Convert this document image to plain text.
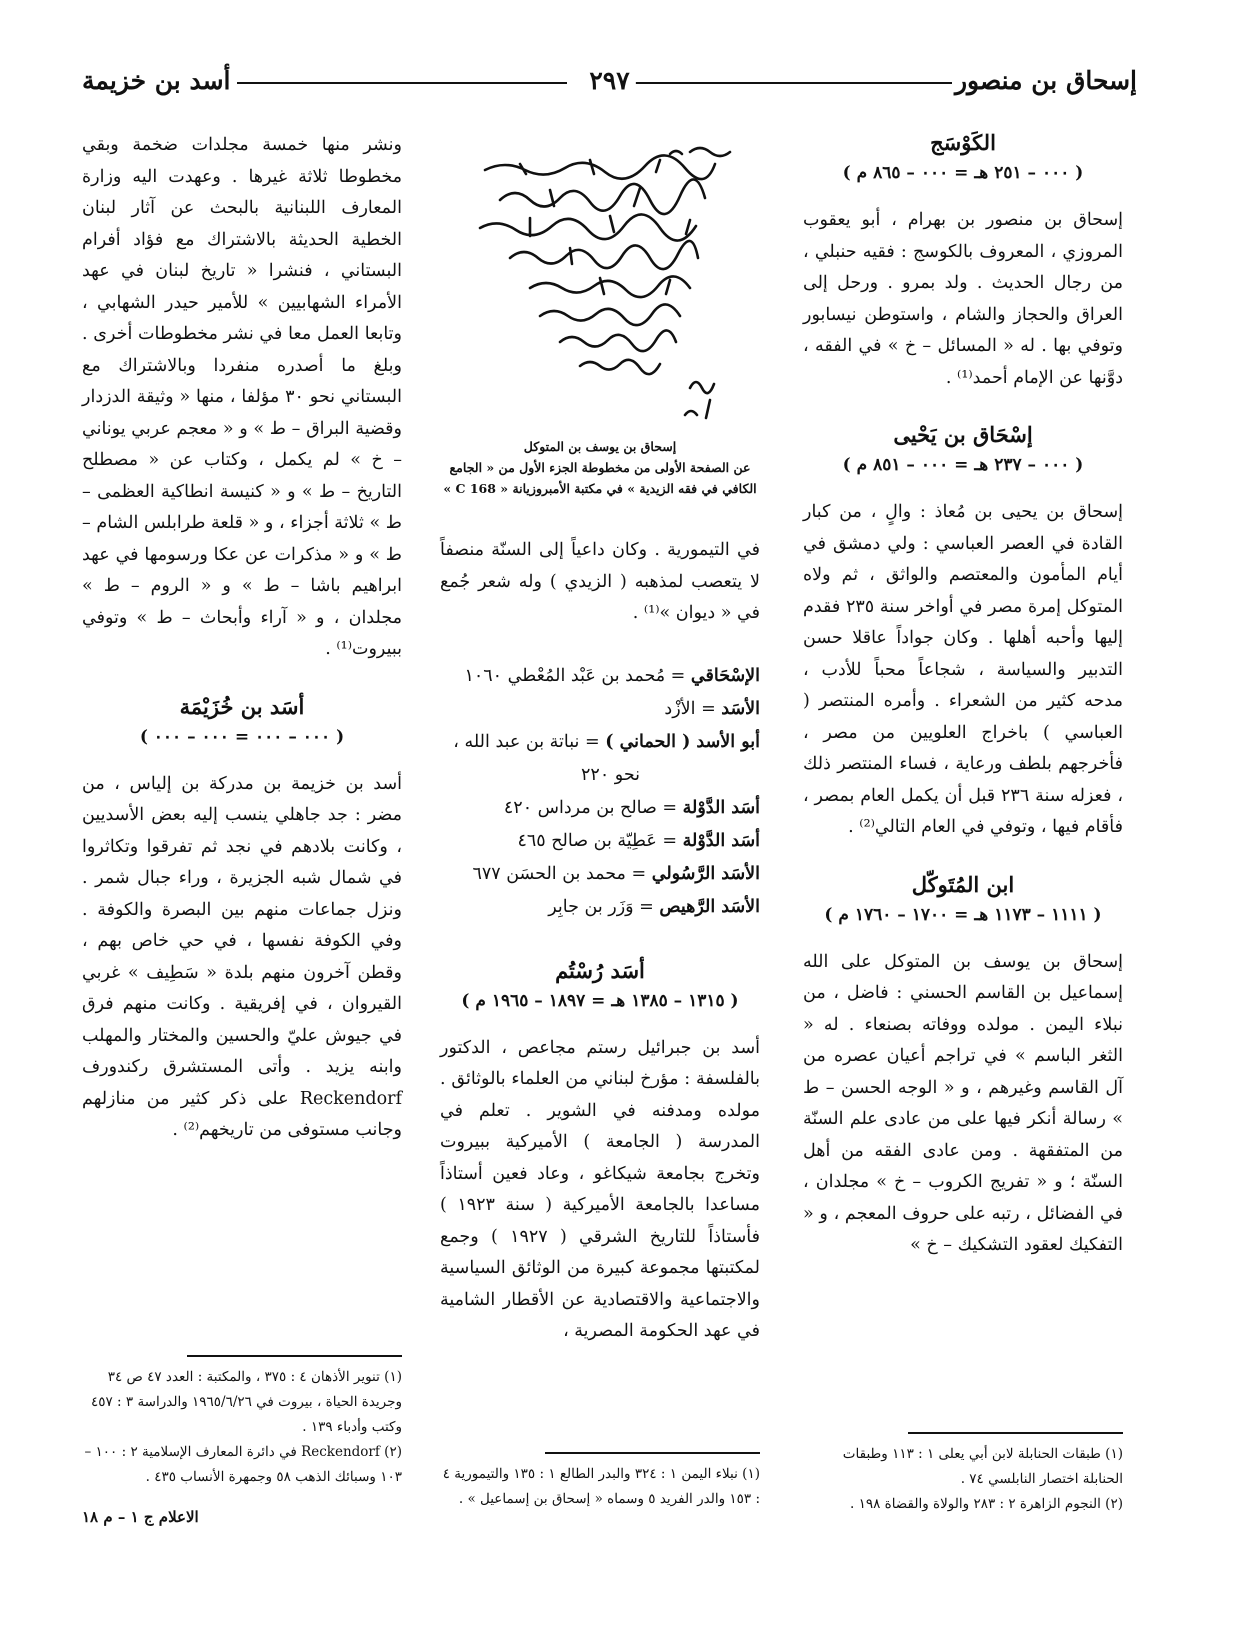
إسحاق بن منصور
٢٩٧
أسد بن خزيمة
الكَوْسَج
( ٠٠٠ – ٢٥١ هـ = ٠٠٠ – ٨٦٥ م )

إسحاق بن منصور بن بهرام ، أبو يعقوب المروزي ، المعروف بالكوسج : فقيه حنبلي ، من رجال الحديث . ولد بمرو . ورحل إلى العراق والحجاز والشام ، واستوطن نيسابور وتوفي بها . له « المسائل – خ » في الفقه ، دوَّنها عن الإمام أحمد⁽¹⁾ .

إسْحَاق بن يَحْيى
( ٠٠٠ – ٢٣٧ هـ = ٠٠٠ – ٨٥١ م )

إسحاق بن يحيى بن مُعاذ : والٍ ، من كبار القادة في العصر العباسي : ولي دمشق في أيام المأمون والمعتصم والواثق ، ثم ولاه المتوكل إمرة مصر في أواخر سنة ٢٣٥ فقدم إليها وأحبه أهلها . وكان جواداً عاقلا حسن التدبير والسياسة ، شجاعاً محباً للأدب ، مدحه كثير من الشعراء . وأمره المنتصر ( العباسي ) باخراج العلويين من مصر ، فأخرجهم بلطف ورعاية ، فساء المنتصر ذلك ، فعزله سنة ٢٣٦ قبل أن يكمل العام بمصر ، فأقام فيها ، وتوفي في العام التالي⁽²⁾ .

ابن المُتَوكّل
( ١١١١ – ١١٧٣ هـ = ١٧٠٠ – ١٧٦٠ م )

إسحاق بن يوسف بن المتوكل على الله إسماعيل بن القاسم الحسني : فاضل ، من نبلاء اليمن . مولده ووفاته بصنعاء . له « الثغر الباسم » في تراجم أعيان عصره من آل القاسم وغيرهم ، و « الوجه الحسن – ط » رسالة أنكر فيها على من عادى علم السنّة من المتفقهة . ومن عادى الفقه من أهل السنّة ؛ و « تفريج الكروب – خ » مجلدان ، في الفضائل ، رتبه على حروف المعجم ، و « التفكيك لعقود التشكيك – خ »

إسحاق بن يوسف بن المتوكل
عن الصفحة الأولى من مخطوطة الجزء الأول من « الجامع
الكافي في فقه الزيدية » في مكتبة الأمبروزيانة « C 168 »

في التيمورية . وكان داعياً إلى السنّة منصفاً لا يتعصب لمذهبه ( الزيدي ) وله شعر جُمع في « ديوان »⁽¹⁾ .

الإسْحَاقي = مُحمد بن عَبْد المُعْطي ١٠٦٠
الأسَد = الأزْد
أبو الأسد ( الحماني ) = نباتة بن عبد الله ،
نحو ٢٢٠
أسَد الدَّوْلة = صالح بن مرداس ٤٢٠
أسَد الدَّوْلة = عَطِيّة بن صالح ٤٦٥
الأسَد الرَّسُولي = محمد بن الحسَن ٦٧٧
الأسَد الرَّهيص = وَزَر بن جابِر
أسَد رُسْتُم
( ١٣١٥ – ١٣٨٥ هـ = ١٨٩٧ – ١٩٦٥ م )

أسد بن جبرائيل رستم مجاعص ، الدكتور بالفلسفة : مؤرخ لبناني من العلماء بالوثائق . مولده ومدفنه في الشوير . تعلم في المدرسة ( الجامعة ) الأميركية ببيروت وتخرج بجامعة شيكاغو ، وعاد فعين أستاذاً مساعدا بالجامعة الأميركية ( سنة ١٩٢٣ ) فأستاذاً للتاريخ الشرقي ( ١٩٢٧ ) وجمع لمكتبتها مجموعة كبيرة من الوثائق السياسية والاجتماعية والاقتصادية عن الأقطار الشامية في عهد الحكومة المصرية ،

ونشر منها خمسة مجلدات ضخمة وبقي مخطوطا ثلاثة غيرها . وعهدت اليه وزارة المعارف اللبنانية بالبحث عن آثار لبنان الخطية الحديثة بالاشتراك مع فؤاد أفرام البستاني ، فنشرا « تاريخ لبنان في عهد الأمراء الشهابيين » للأمير حيدر الشهابي ، وتابعا العمل معا في نشر مخطوطات أخرى . وبلغ ما أصدره منفردا وبالاشتراك مع البستاني نحو ٣٠ مؤلفا ، منها « وثيقة الدزدار وقضية البراق – ط » و « معجم عربي يوناني – خ » لم يكمل ، وكتاب عن « مصطلح التاريخ – ط » و « كنيسة انطاكية العظمى – ط » ثلاثة أجزاء ، و « قلعة طرابلس الشام – ط » و « مذكرات عن عكا ورسومها في عهد ابراهيم باشا – ط » و « الروم – ط » مجلدان ، و « آراء وأبحاث – ط » وتوفي ببيروت⁽¹⁾ .

أسَد بن خُزَيْمَة
( ٠٠٠ – ٠٠٠ = ٠٠٠ – ٠٠٠ )

أسد بن خزيمة بن مدركة بن إلياس ، من مضر : جد جاهلي ينسب إليه بعض الأسديين ، وكانت بلادهم في نجد ثم تفرقوا وتكاثروا في شمال شبه الجزيرة ، وراء جبال شمر . ونزل جماعات منهم بين البصرة والكوفة . وفي الكوفة نفسها ، في حي خاص بهم ، وقطن آخرون منهم بلدة « سَطِيف » غربي القيروان ، في إفريقية . وكانت منهم فرق في جيوش عليّ والحسين والمختار والمهلب وابنه يزيد . وأتى المستشرق ركندورف Reckendorf على ذكر كثير من منازلهم وجانب مستوفى من تاريخهم⁽²⁾ .

(١) طبقات الحنابلة لابن أبي يعلى ١ : ١١٣ وطبقات الحنابلة اختصار النابلسي ٧٤ .
(٢) النجوم الزاهرة ٢ : ٢٨٣ والولاة والقضاة ١٩٨ .
(١) نبلاء اليمن ١ : ٣٢٤ والبدر الطالع ١ : ١٣٥ والتيمورية ٤ : ١٥٣ والدر الفريد ٥ وسماه « إسحاق بن إسماعيل » .
(١) تنوير الأذهان ٤ : ٣٧٥ ، والمكتبة : العدد ٤٧ ص ٣٤ وجريدة الحياة ، بيروت في ١٩٦٥/٦/٢٦ والدراسة ٣ : ٤٥٧ وكتب وأدباء ١٣٩ .
(٢) Reckendorf في دائرة المعارف الإسلامية ٢ : ١٠٠ – ١٠٣ وسبائك الذهب ٥٨ وجمهرة الأنساب ٤٣٥ .
الاعلام ج ١ – م ١٨
